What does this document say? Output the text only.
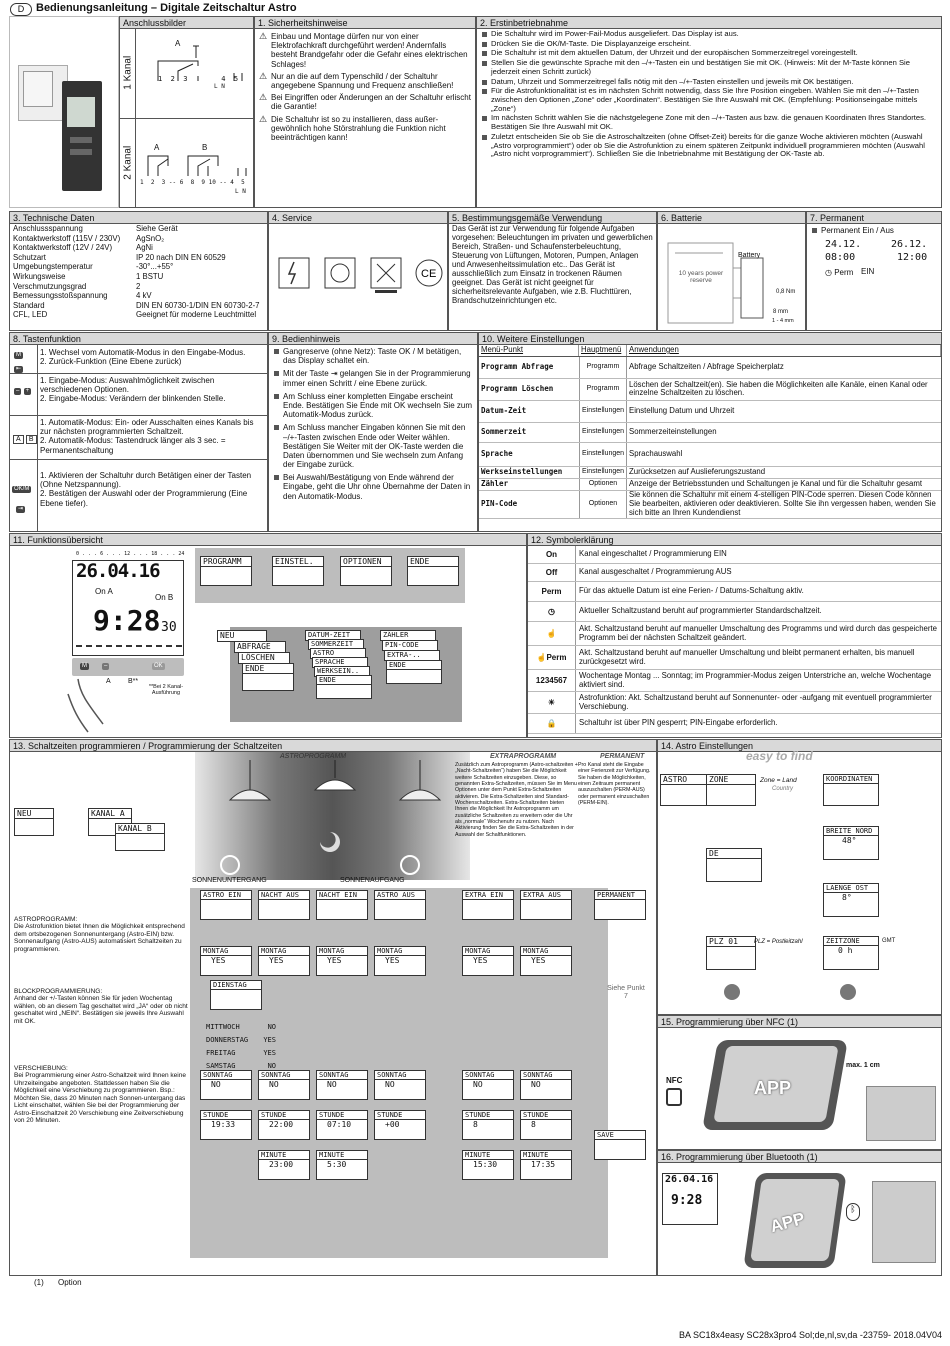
D	Bedienungsanleitung – Digitale Zeitschaltur Astro
Anschlussbilder
1 Kanal
2 Kanal
A
1  2  3        4  5
L N
A	B
1  2  3 -- 6  8  9 10 -- 4  5
L N
1. Sicherheitshinweise
⚠ Einbau und Montage dürfen nur von einer Elektrofachkraft durchgeführt werden! Andernfalls besteht Brandgefahr oder die Gefahr eines elektrischen Schlages!
⚠ Nur an die auf dem Typenschild / der Schaltuhr angegebene Spannung und Frequenz anschließen!
⚠ Bei Eingriffen oder Änderungen an der Schaltuhr erlischt die Garantie!
⚠ Die Schaltuhr ist so zu installieren, dass außer-gewöhnlich hohe Störstrahlung die Funktion nicht beeinträchtigen kann!
2. Erstinbetriebnahme
Die Schaltuhr wird im Power-Fail-Modus ausgeliefert. Das Display ist aus.
Drücken Sie die OK/M-Taste. Die Displayanzeige erscheint.
Die Schaltuhr ist mit dem aktuellen Datum, der Uhrzeit und der europäischen Sommerzeitregel voreingestellt.
Stellen Sie die gewünschte Sprache mit den –/+-Tasten ein und bestätigen Sie mit OK. (Hinweis: Mit der M-Taste können Sie jederzeit einen Schritt zurück)
Datum, Uhrzeit und Sommerzeitregel falls nötig mit den –/+-Tasten einstellen und jeweils mit OK bestätigen.
Für die Astrofunktionalität ist es im nächsten Schritt notwendig, dass Sie Ihre Position eingeben. Wählen Sie mit den –/+-Tasten zwischen den Optionen „Zone“ oder „Koordinaten“. Bestätigen Sie Ihre Auswahl mit OK. (Empfehlung: Positionseingabe mittels „Zone“)
Im nächsten Schritt wählen Sie die nächstgelegene Zone mit den –/+-Tasten aus bzw. die genauen Koordinaten Ihres Standortes. Bestätigen Sie Ihre Auswahl mit OK.
Zuletzt entscheiden Sie ob Sie die Astroschaltzeiten (ohne Offset-Zeit) bereits für die ganze Woche aktivieren möchten (Auswahl „Astro vorprogrammiert“) oder ob Sie die Astrofunktion zu einem späteren Zeitpunkt individuell programmieren möchten (Auswahl „Astro nicht vorprogrammiert“). Schließen Sie die Inbetriebnahme mit Bestätigung der OK-Taste ab.
3. Technische Daten
Anschlussspannung	Siehe Gerät
Kontaktwerkstoff (115V / 230V)	AgSnO₂
Kontaktwerkstoff (12V / 24V)	AgNi
Schutzart	IP 20 nach DIN EN 60529
Umgebungstemperatur	-30°...+55°
Wirkungsweise	1 BSTU
Verschmutzungsgrad	2
Bemessungsstoßspannung	4 kV
Standard	DIN EN 60730-1/DIN EN 60730-2-7
CFL, LED	Geeignet für moderne Leuchtmittel
4. Service
CE
5. Bestimmungsgemäße Verwendung
Das Gerät ist zur Verwendung für folgende Aufgaben vorgesehen: Beleuchtungen im privaten und gewerblichen Bereich, Straßen- und Schaufensterbeleuchtung, Steuerung von Lüftungen, Motoren, Pumpen, Anlagen und Anwesenheitssimulation etc.. Das Gerät ist ausschließlich zum Einsatz in trockenen Räumen geeignet. Das Gerät ist nicht geeignet für sicherheitsrelevante Aufgaben, wie z.B. Fluchttüren, Brandschutzeinrichtungen etc.
6. Batterie
10 years power reserve
Battery
0,8 Nm
8 mm
1 - 4 mm
7. Permanent
Permanent Ein / Aus
24.12.	26.12.
08:00	12:00
◷ Perm EIN
8. Tastenfunktion
M
⇤
1. Wechsel vom Automatik-Modus in den Eingabe-Modus.
2. Zurück-Funktion (Eine Ebene zurück)
– +
1. Eingabe-Modus: Auswahlmöglichkeit zwischen verschiedenen Optionen.
2. Eingabe-Modus: Verändern der blinkenden Stelle.
A B
1. Automatik-Modus: Ein- oder Ausschalten eines Kanals bis zur nächsten programmierten Schaltzeit.
2. Automatik-Modus: Tastendruck länger als 3 sec. = Permanentschaltung
OK/M
⇥
1. Aktivieren der Schaltuhr durch Betätigen einer der Tasten (Ohne Netzspannung).
2. Bestätigen der Auswahl oder der Programmierung (Eine Ebene tiefer).
9. Bedienhinweis
Gangreserve (ohne Netz): Taste OK / M betätigen, das Display schaltet ein.
Mit der Taste ⇥ gelangen Sie in der Programmierung immer einen Schritt / eine Ebene zurück.
Am Schluss einer kompletten Eingabe erscheint Ende. Bestätigen Sie Ende mit OK wechseln Sie zum Automatik-Modus zurück.
Am Schluss mancher Eingaben können Sie mit den –/+-Tasten zwischen Ende oder Weiter wählen. Bestätigen Sie Weiter mit der OK-Taste werden die Daten übernommen und Sie wechseln zum Anfang der Eingabe zurück.
Bei Auswahl/Bestätigung von Ende während der Eingabe, geht die Uhr ohne Übernahme der Daten in den Automatik-Modus.
10. Weitere Einstellungen
Menü-Punkt	Hauptmenü Anwendungen
Programm Abfrage	Programm	Abfrage Schaltzeiten / Abfrage Speicherplatz
Programm Löschen	Programm
Löschen der Schaltzeit(en). Sie haben die Möglichkeiten alle Kanäle, einen Kanal oder einzelne Schaltzeiten zu löschen.
Datum-Zeit	Einstellungen Einstellung Datum und Uhrzeit
Sommerzeit	Einstellungen Sommerzeiteinstellungen
Sprache	Einstellungen Sprachauswahl
Werkseinstellungen	Einstellungen Zurücksetzen auf Auslieferungszustand
Zähler	Optionen	Anzeige der Betriebsstunden und Schaltungen je Kanal und für die Schaltuhr gesamt
PIN-Code	Optionen
Sie können die Schaltuhr mit einem 4-stelligen PIN-Code sperren. Diesen Code können Sie bearbeiten, aktivieren oder deaktivieren. Sollte Sie ihn vergessen haben, wenden Sie sich bitte an Ihren Kundendienst
11. Funktionsübersicht
0 . . . 6 . . . 12 . . . 18 . . . 24
26.04.16
On A
On B
9:28 30
M	–	OK
A B**
**Bei 2 Kanal-Ausführung
PROGRAMM	EINSTEL.	OPTIONEN	ENDE
NEU
ABFRAGE
LÖSCHEN
ENDE
DATUM-ZEIT
SOMMERZEIT
ASTRO
SPRACHE
WERKSEIN..
ENDE
ZÄHLER
PIN-CODE
EXTRA-..
ENDE
12. Symbolerklärung
On	Kanal eingeschaltet / Programmierung EIN
Off	Kanal ausgeschaltet / Programmierung AUS
Perm	Für das aktuelle Datum ist eine Ferien- / Datums-Schaltung aktiv.
◷	Aktueller Schaltzustand beruht auf programmierter Standardschaltzeit.
☝
Akt. Schaltzustand beruht auf manueller Umschaltung des Programms und wird durch das gespeicherte Programm bei der nächsten Schaltzeit geändert.
☝Perm
Akt. Schaltzustand beruht auf manueller Umschaltung und bleibt permanent erhalten, bis manuell zurückgesetzt wird.
1234567
Wochentage Montag ... Sonntag; im Programmier-Modus zeigen Unterstriche an, welche Wochentage aktiviert sind.
☀
Astrofunktion: Akt. Schaltzustand beruht auf Sonnenunter- oder -aufgang mit eventuell programmierter Verschiebung.
🔒	Schaltuhr ist über PIN gesperrt; PIN-Eingabe erforderlich.
13. Schaltzeiten programmieren / Programmierung der Schaltzeiten
ASTROPROGRAMM	EXTRAPROGRAMM
Zusätzlich zum Astroprogramm (Astro-schaltzeiten + „Nacht-Schaltzeiten“) haben Sie die Möglichkeit weitere Schaltzeiten einzugeben. Diese, so genannten Extra-Schaltzeiten, müssen Sie im Menu Optionen unter dem Punkt Extra-Schaltzeiten aktivieren. Die Extra-Schaltzeiten sind Standard-Wochenschaltzeiten. Extra-Schaltzeiten bieten Ihnen die Möglichkeit Ihr Astroprogramm um zusätzliche Schaltzeiten zu erweitern oder die Uhr als „normale“ Wochenuhr zu nutzen. Nach Aktivierung finden Sie die Extra-Schaltzeiten in der Auswahl der Schaltfunktionen.
PERMANENT
Pro Kanal steht die Eingabe einer Ferienzeit zur Verfügung. Sie haben die Möglichkeiten, einen Zeitraum permanent auszuschalten (PERM-AUS) oder permanent einzuschalten (PERM-EIN).
NEU	KANAL A
KANAL B
ASTROPROGRAMM:
Die Astrofunktion bietet Ihnen die Möglichkeit entsprechend dem ortsbezogenen Sonnenuntergang (Astro-EIN) bzw. Sonnenaufgang (Astro-AUS) automatisiert Schaltzeiten zu programmieren.
BLOCKPROGRAMMIERUNG:
Anhand der +/-Tasten können Sie für jeden Wochentag wählen, ob an diesem Tag geschaltet wird „JA“ oder ob nicht geschaltet wird „NEIN“. Bestätigen sie jeweils Ihre Auswahl mit OK.
VERSCHIEBUNG:
Bei Programmierung einer Astro-Schaltzeit wird Ihnen keine Uhrzeiteingabe angeboten. Stattdessen haben Sie die Möglichkeit eine Verschiebung zu programmieren. Bsp.: Möchten Sie, dass 20 Minuten nach Sonnen-untergang das Licht einschaltet, wählen Sie bei der Programmierung der Astro-Einschaltzeit 20 Verschiebung eine Zeitverschiebung von 20 Minuten.
SONNENUNTERGANG	SONNENAUFGANG
ASTRO EIN	NACHT AUS	NACHT EIN	ASTRO AUS	EXTRA EIN	EXTRA AUS	PERMANENT
MONTAG
YES
MONTAG
YES
MONTAG
YES
MONTAG
YES
MONTAG
YES
MONTAG
YES
DIENSTAG
MITTWOCH	NO
DONNERSTAG YES
FREITAG	YES
SAMSTAG	NO
SONNTAG
NO
SONNTAG
NO
SONNTAG
NO
SONNTAG
NO
SONNTAG
NO
SONNTAG
NO
STUNDE
19:33
STUNDE
22:00
STUNDE
07:10
STUNDE
+00
STUNDE
8
STUNDE
8
MINUTE
23:00
MINUTE
5:30
MINUTE
15:30
MINUTE
17:35
SAVE
Siehe Punkt 7
14. Astro Einstellungen
easy to find
ASTRO	ZONE	Zone = Land
Country
KOORDINATEN
DE
BREITE NORD
48°
LAENGE OST
8°
PLZ 01	PLZ = Postleitzahl	ZEITZONE
0 h
GMT
15. Programmierung über NFC (1)
NFC	APP
max. 1 cm
16. Programmierung über Bluetooth (1)
26.04.16
9:28
APP	ᛒ
(1) Option
BA SC18x4easy SC28x3pro4 Sol;de,nl,sv,da -23759- 2018.04V04
